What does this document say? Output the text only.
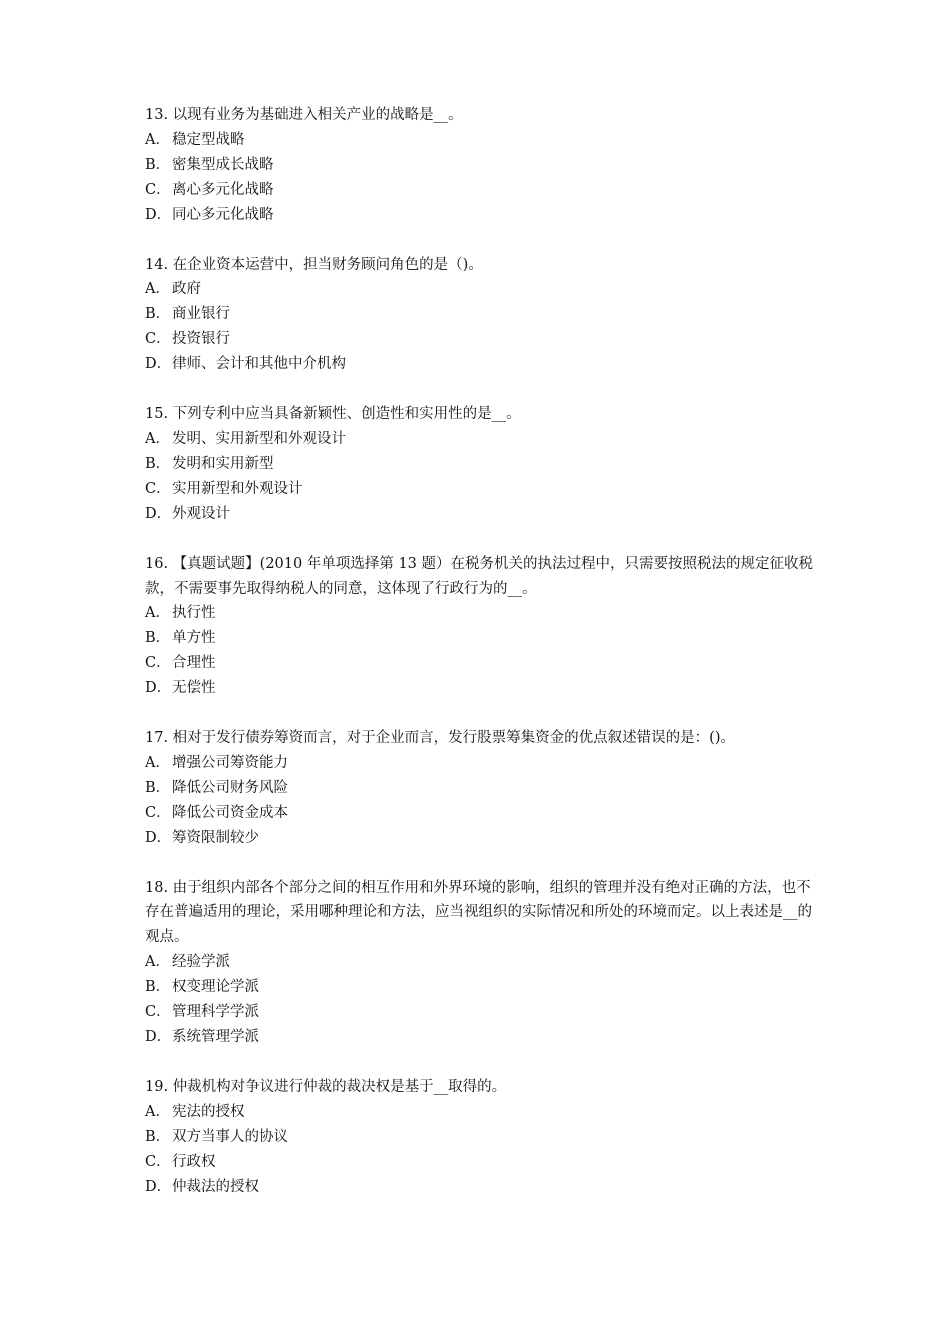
13. 以现有业务为基础进入相关产业的战略是__。

A． 稳定型战略
B． 密集型成长战略
C．离心多元化战略
D．同心多元化战略

14. 在企业资本运营中，担当财务顾问角色的是（)。

A． 政府
B． 商业银行
C．投资银行
D．律师、会计和其他中介机构

15. 下列专利中应当具备新颖性、创造性和实用性的是__。

A． 发明、实用新型和外观设计
B． 发明和实用新型
C．实用新型和外观设计
D．外观设计

16. 【真题试题】(2010 年单项选择第 13 题）在税务机关的执法过程中，只需要按照税法的规定征收税款，不需要事先取得纳税人的同意，这体现了行政行为的__。

A． 执行性
B． 单方性
C．合理性
D．无偿性

17. 相对于发行债券筹资而言，对于企业而言，发行股票筹集资金的优点叙述错误的是：()。

A． 增强公司筹资能力
B． 降低公司财务风险
C．降低公司资金成本
D．筹资限制较少

18. 由于组织内部各个部分之间的相互作用和外界环境的影响，组织的管理并没有绝对正确的方法，也不存在普遍适用的理论，采用哪种理论和方法，应当视组织的实际情况和所处的环境而定。以上表述是__的观点。

A． 经验学派
B． 权变理论学派
C．管理科学学派
D．系统管理学派

19. 仲裁机构对争议进行仲裁的裁决权是基于__取得的。

A． 宪法的授权
B． 双方当事人的协议
C．行政权
D．仲裁法的授权
